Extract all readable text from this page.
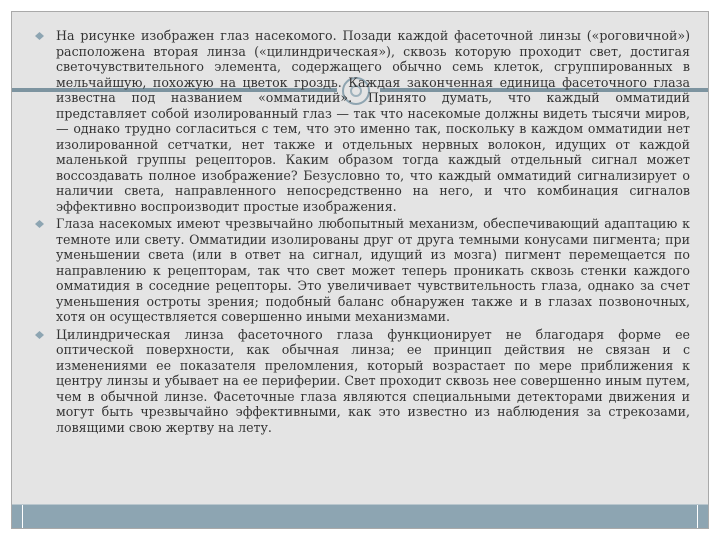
На рисунке изображен глаз насекомого. Позади каждой фасеточной линзы («роговичной») расположена вторая линза («цилиндрическая»), сквозь которую проходит свет, достигая светочувствительного элемента, содержащего обычно семь клеток, сгруппированных в мельчайшую, похожую на цветок гроздь. Каждая законченная единица фасеточного глаза известна под названием «омматидий». Принято думать, что каждый омматидий представляет собой изолированный глаз — так что насекомые должны видеть тысячи миров, — однако трудно согласиться с тем, что это именно так, поскольку в каждом омматидии нет изолированной сетчатки, нет также и отдельных нервных волокон, идущих от каждой маленькой группы рецепторов. Каким образом тогда каждый отдельный сигнал может воссоздавать полное изображение? Безусловно то, что каждый омматидий сигнализирует о наличии света, направленного непосредственно на него, и что комбинация сигналов эффективно воспроизводит простые изображения.
Глаза насекомых имеют чрезвычайно любопытный механизм, обеспечивающий адаптацию к темноте или свету. Омматидии изолированы друг от друга темными конусами пигмента; при уменьшении света (или в ответ на сигнал, идущий из мозга) пигмент перемещается по направлению к рецепторам, так что свет может теперь проникать сквозь стенки каждого омматидия в соседние рецепторы. Это увеличивает чувствительность глаза, однако за счет уменьшения остроты зрения; подобный баланс обнаружен также и в глазах позвоночных, хотя он осуществляется совершенно иными механизмами.
Цилиндрическая линза фасеточного глаза функционирует не благодаря форме ее оптической поверхности, как обычная линза; ее принцип действия не связан и с изменениями ее показателя преломления, который возрастает по мере приближения к центру линзы и убывает на ее периферии. Свет проходит сквозь нее совершенно иным путем, чем в обычной линзе. Фасеточные глаза являются специальными детекторами движения и могут быть чрезвычайно эффективными, как это известно из наблюдения за стрекозами, ловящими свою жертву на лету.
